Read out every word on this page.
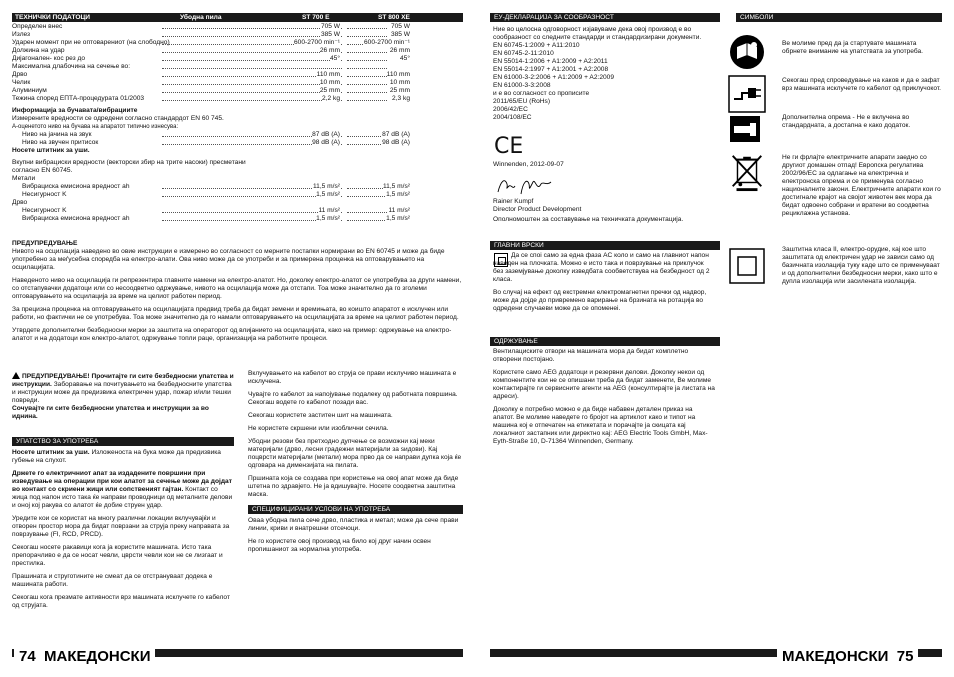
ТЕХНИЧКИ ПОДАТОЦИ	Убодна пила	ST 700 E	ST 800 XE
Определен внес	705 W	705 W
Излез	385 W	385 W
Ударен момент при не оптоварениот (на слободно)	600-2700 min⁻¹	600-2700 min⁻¹
Должина на удар	26 mm	26 mm
Дијагонален- кос рез до	45°	45°
Максимална длабочина на сечење во:
Дрво	110 mm	110 mm
Челик	10 mm	10 mm
Алуминиум	25 mm	25 mm
Тежина според ЕПТА-процедурата 01/2003	2,2 kg	2,3 kg
Информација за бучавата/вибрациите
Измерените вредности се одредени согласно стандардот EN 60 745.
A-оценетото ниво на бучава на апаратот типично изнесува:
Ниво на јачина на звук	87 dB (A)	87 dB (A)
Ниво на звучен притисок	98 dB (A)	98 dB (A)
Носете штитник за уши.
Вкупни вибрациски вредности (векторски збир на трите насоки) пресметани согласно EN 60745.
Метали
Вибрациска емисиона вредност ah	11,5 m/s²	11,5 m/s²
Несигурност K	1,5 m/s²	1,5 m/s²
Дрво
Несигурност K	11 m/s²	11 m/s²
Вибрациска емисиона вредност ah	1,5 m/s²	1,5 m/s²
ПРЕДУПРЕДУВАЊЕ

Нивото на осцилација наведено во овие инструкции е измерено во согласност со мерните постапки нормирани во EN 60745 и може да биде употребено за меѓусебна споредба на електро-алати. Ова ниво може да се употреби и за примерена проценка на оптоварувањето на осцилацијата.

Наведеното ниво на осцилација ги репрезентира главните намени на електро-алатот. Но, доколку електро-алатот се употребува за други намени, со отстапувачки додатоци или со несоодветно одржување, нивото на осцилација може да отстапи. Тоа може значително да го зголеми оптоварувањето на осцилација за време на целиот работен период.

За прецизна проценка на оптоварувањето на осцилацијата предвид треба да бидат земени и времињата, во коишто апаратот е исклучен или работи, но фактички не се употребува. Тоа може значително да го намали оптоварувањето на осцилацијата за време на целиот работен период.

Утврдете дополнителни безбедносни мерки за заштита на операторот од влијанието на осцилацијата, како на пример: одржување на електро-алатот и на додатоци кон електро-алатот, одржување топли раце, организација на работните процеси.

ПРЕДУПРЕДУВАЊЕ! Прочитајте ги сите безбедносни упатства и инструкции. Заборавање на почитувањето на безбедносните упатства и инструкции може да предизвика електричен удар, пожар и/или тешки повреди.
Сочувајте ги сите безбедносни упатства и инструкции за во иднина.
УПАТСТВО ЗА УПОТРЕБА

Носете штитник за уши. Изложеноста на бука може да предизвика губење на слухот.

Држете го електричниот апат за издадените површини при изведување на операции при кои алатот за сечење може да дојдат во контакт со скриени жици или сопственият гајтан. Контакт со жица под напон исто така ќе направи проводници од металните делови и оној кој ракува со алатот ќе добие струен удар.

Уредите кои се користат на многу различни локации вклучувајќи и отворен простор мора да бидат поврзани за струја преку направата за поврзување (FI, RCD, PRCD).

Секогаш носете ракавици кога ја користите машината. Исто така препорачливо е да се носат чевли, цврсти чевли кои не се лизгаат и престилка.

Прашината и струготините не смеат да се отстрануваат додека е машината работи.

Секогаш кога презмате активности врз машината исклучете го кабелот од струјата.

Вклучувањето на кабелот во струја се прави исклучиво машината е исклучена.

Чувајте го кабелот за напојување подалеку од работната површина. Секогаш водете го кабелот позади вас.

Секогаш користете заститен шит на машината.

Не користете скршени или изоблични сечила.

Убодни резови без претходно дупчење се возможни кај меки материјали (дрво, лесни градежни материјали за ѕидови). Кај поцврсти материјали (метали) мора прво да се направи дупка која ќе одговара на димензијата на пилата.

Пршината која се создава при користење на овој апат може да биде штетна по здравјето. Не ја вдишувајте. Носете соодветна заштитна маска.

СПЕЦИФИЦИРАНИ УСЛОВИ НА УПОТРЕБА

Оваа убодна пила сече дрво, пластика и метал; може да сече прави линии, криви и внатрешни отсечоци.

Не го користете овој производ на било кој друг начин освен пропишаниот за нормална употреба.

74 МАКЕДОНСКИ
ЕУ-ДЕКЛАРАЦИЈА ЗА СООБРАЗНОСТ
Ние во целосна одговорност изјавуваме дека овој производ е во сообразност со следните стандарди и стандардизирани документи.
EN 60745-1:2009 + A11:2010
EN 60745-2-11:2010
EN 55014-1:2006 + A1:2009 + A2:2011
EN 55014-2:1997 + A1:2001 + A2:2008
EN 61000-3-2:2006 + A1:2009 + A2:2009
EN 61000-3-3:2008
и е во согласност со прописите
2011/65/EU (RoHs)
2006/42/EC
2004/108/EC
CE
Winnenden, 2012-09-07
Rainer Kumpf
Director Product Development
Ополномоштен за составување на техничката документација.
ГЛАВНИ ВРСКИ

Да се споi само за една фаза AC коло и само на главниот напон наведен на плочката. Можно е исто така и поврзување на приклучок без заземјување доколку изведбата сообветствува на безбедност од 2 класа.

Во случај на ефект од екстремни електромагнетни пречки од надвор, може да дојде до привремено варирање на брзината на ротација во одредени случаеви може да се oпоменеi.

ОДРЖУВАЊЕ

Вентилациските отвори на машината мора да бидат комплетно отворени постојано.

Користете само AEG додатоци и резервни делови. Доколку некои од компонентите кои не се опишани треба да бидат заменети, Ве молиме контактирајте ги сервисните агенти на AEG (консултирајте ја листата на адреси).

Доколку е потребно можно е да биде набавен детален приказ на апатот. Ве молиме наведете го бројот на артиклот како и типот на машина кој е отпечатен на етикетата и порачајте ја скицата кај локалниот застапник или директно кај: AEG Electric Tools GmbH, Max-Eyth-Straße 10, D-71364 Winnenden, Germany.

СИМБОЛИ
Ве молиме пред да ја стартувате машината обрнете внимание на упатствата за употреба.
Секогаш пред спроведување на каков и да е зафат врз машината исклучете го кабелот од приклучокот.
Дополнителна опрема - Не е вклучена во стандардната, а достапна е како додаток.
Не ги фрлајте електричните апарати заедно со другиот домашен отпад! Европска регулатива 2002/96/ЕС за одлагање на електрична и електронска опрема и се применува согласно националните закони. Електричните апарати кои го достигнале крајот на својот животен век мора да бидат одвоено собрани и вратени во соодветна рециклажна установа.
Заштитна класа II, електро-орудие, кај кое што заштитата од електричен удар не зависи само од базичната изолација туку каде што се применуваат и од дополнителни безбедносни мерки, како што е дупла изолација или засилената изолација.
МАКЕДОНСКИ 75
